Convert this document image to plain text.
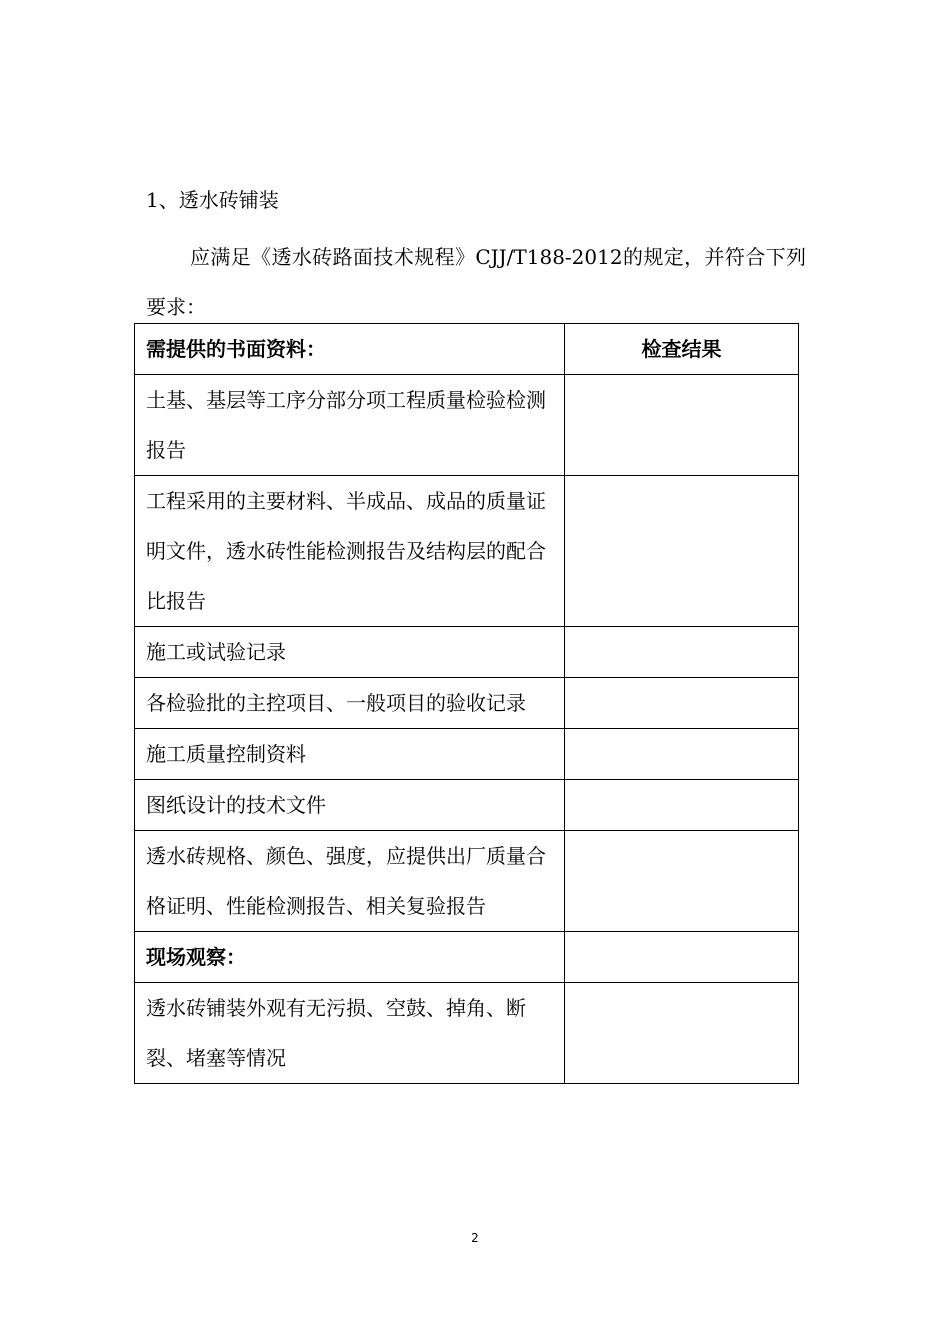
1、透水砖铺装

应满足《透水砖路面技术规程》CJJ/T188-2012的规定，并符合下列要求：

需提供的书面资料：	检查结果
土基、基层等工序分部分项工程质量检验检测报告	
工程采用的主要材料、半成品、成品的质量证明文件，透水砖性能检测报告及结构层的配合比报告	
施工或试验记录	
各检验批的主控项目、一般项目的验收记录	
施工质量控制资料	
图纸设计的技术文件	
透水砖规格、颜色、强度，应提供出厂质量合格证明、性能检测报告、相关复验报告	
现场观察：	
透水砖铺装外观有无污损、空鼓、掉角、断裂、堵塞等情况	
2
